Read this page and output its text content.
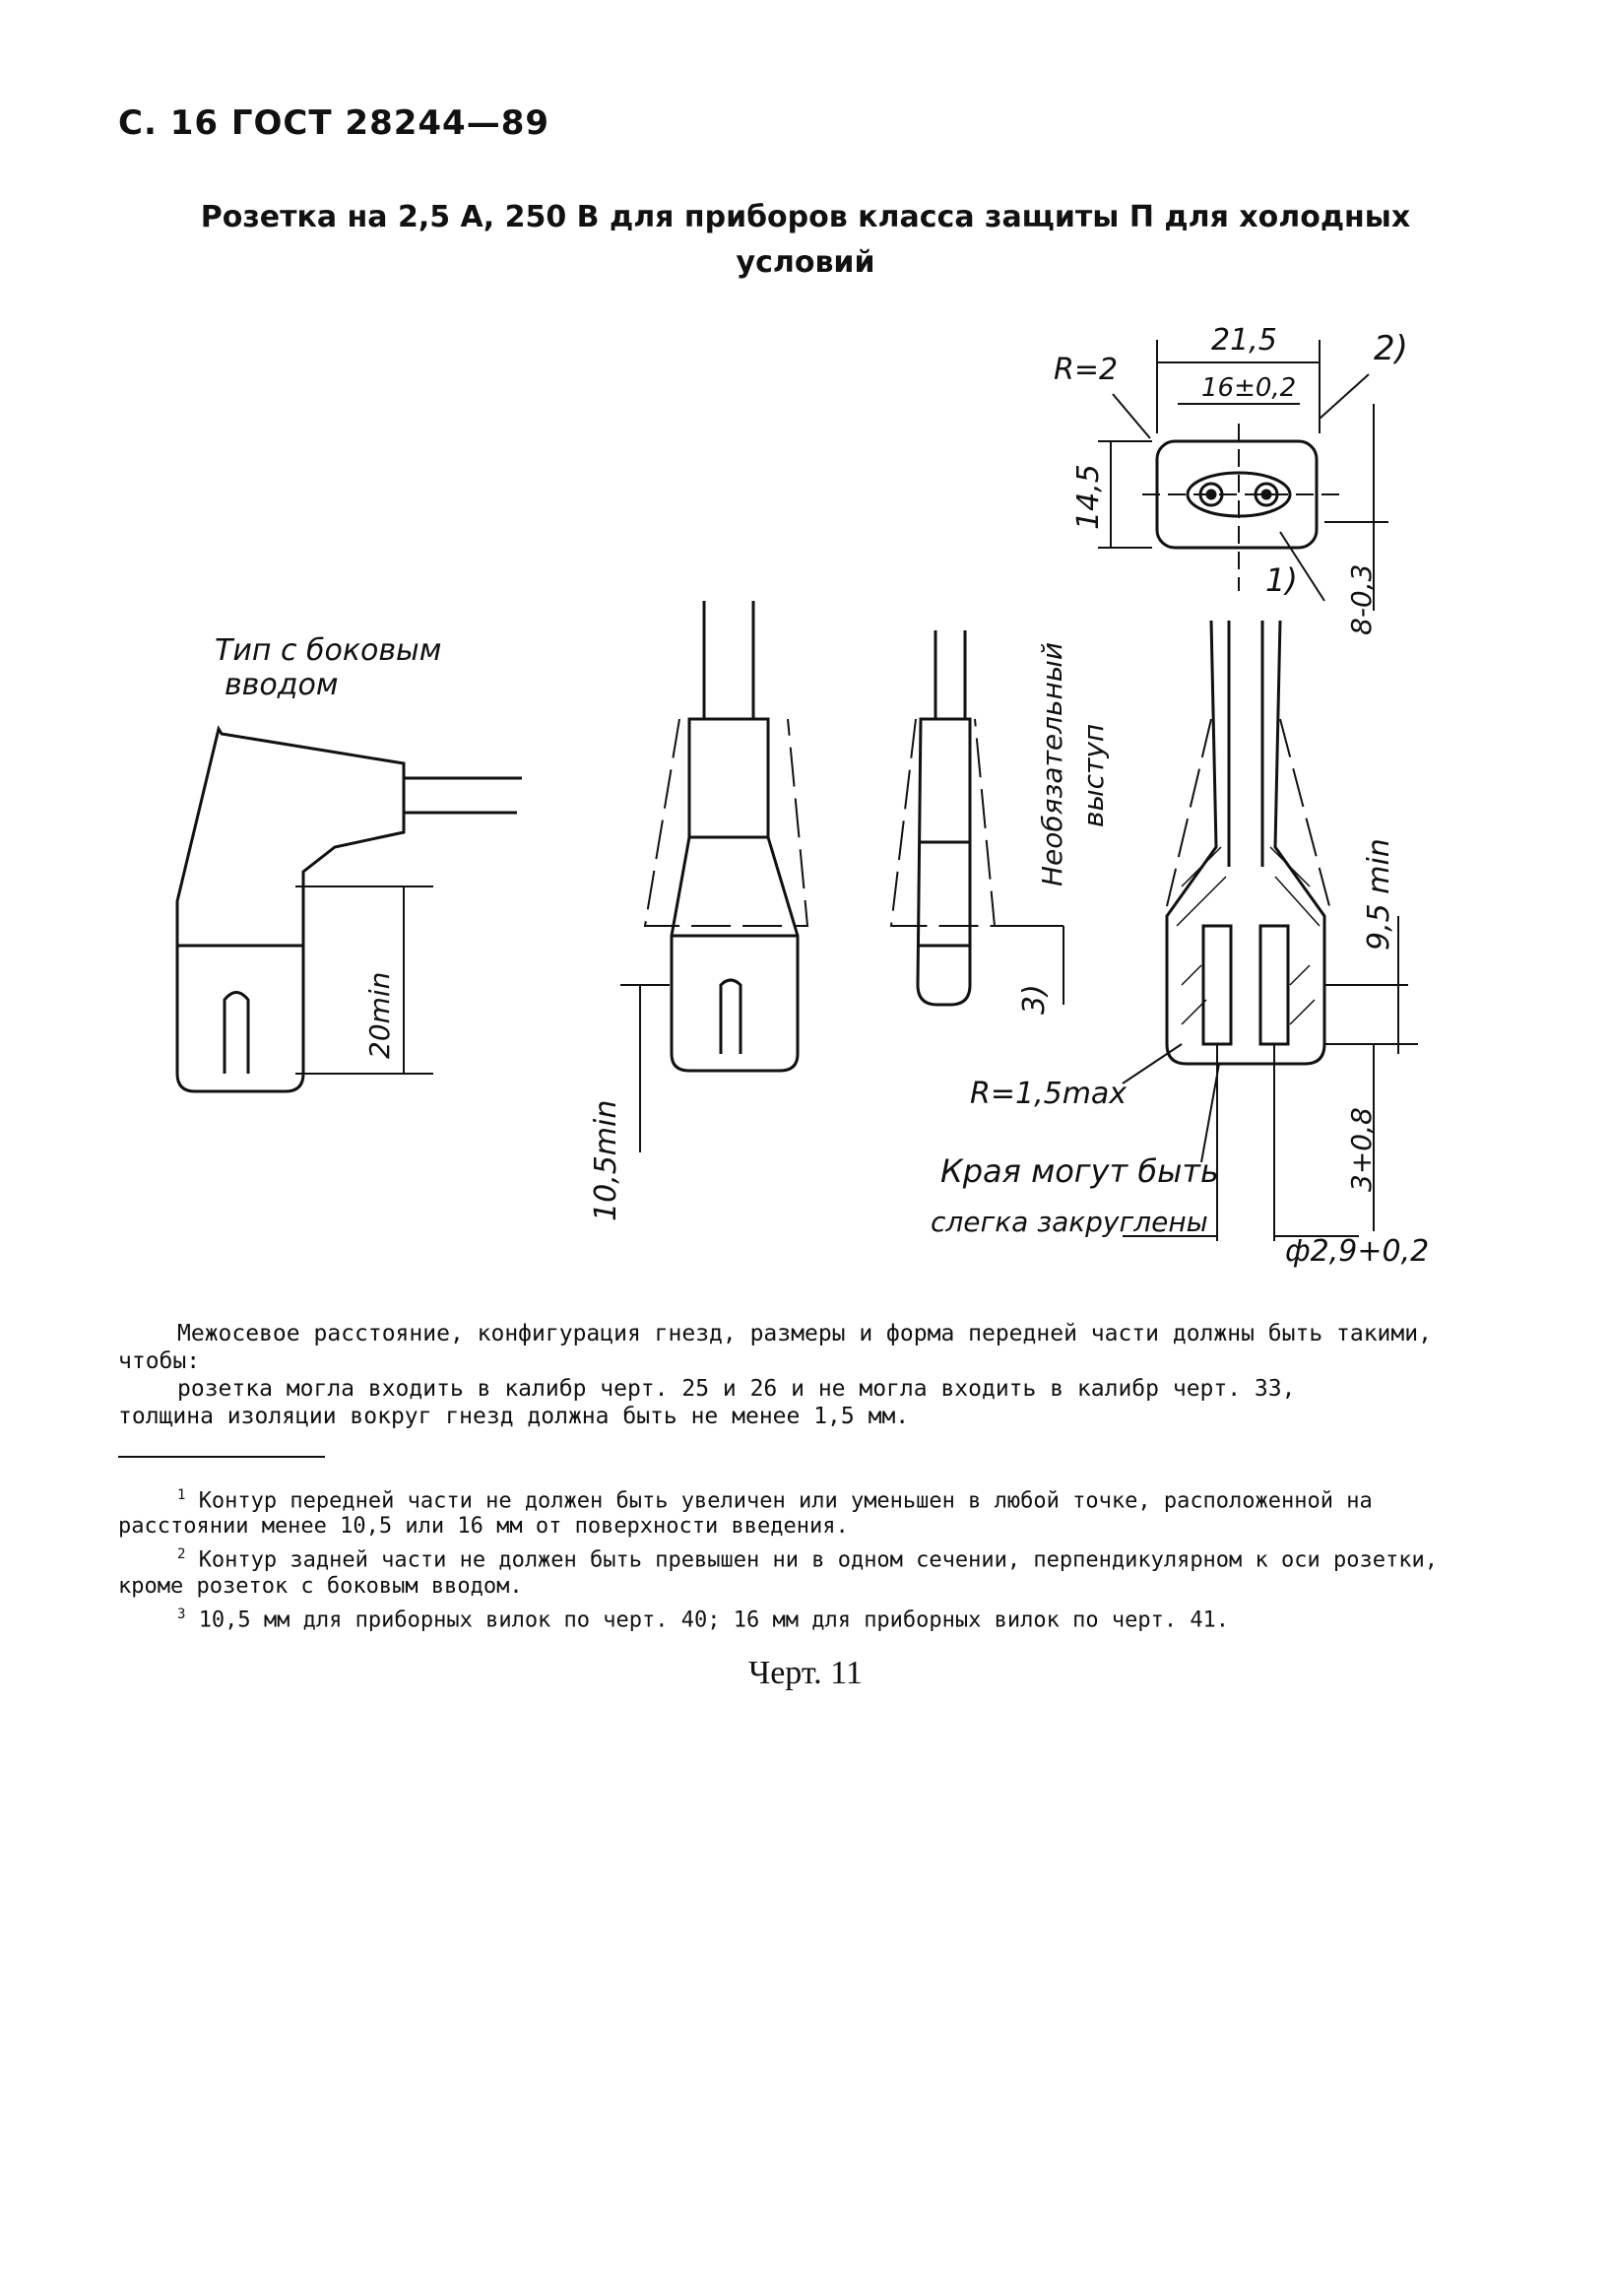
С. 16 ГОСТ 28244—89
Розетка на 2,5 А, 250 В для приборов класса защиты П для холодных
условий
Тип с боковым
вводом
21,5
16±0,2
R=2
2)
14,5
1) 8-0,3
Необязательный выступ
20min
9,5 min
3)
R=1,5max
10,5min	3+0,8
Края могут быть
слегка закруглены
ф2,9+0,2

Межосевое расстояние, конфигурация гнезд, размеры и форма передней части должны быть такими, чтобы:

розетка могла входить в калибр черт. 25 и 26 и не могла входить в калибр черт. 33,

толщина изоляции вокруг гнезд должна быть не менее 1,5 мм.

$^1$ Контур передней части не должен быть увеличен или уменьшен в любой точке, расположенной на расстоянии менее 10,5 или 16 мм от поверхности введения.

$^2$ Контур задней части не должен быть превышен ни в одном сечении, перпендикулярном к оси розетки, кроме розеток с боковым вводом.

$^3$ 10,5 мм для приборных вилок по черт. 40; 16 мм для приборных вилок по черт. 41.

Черт. 11
